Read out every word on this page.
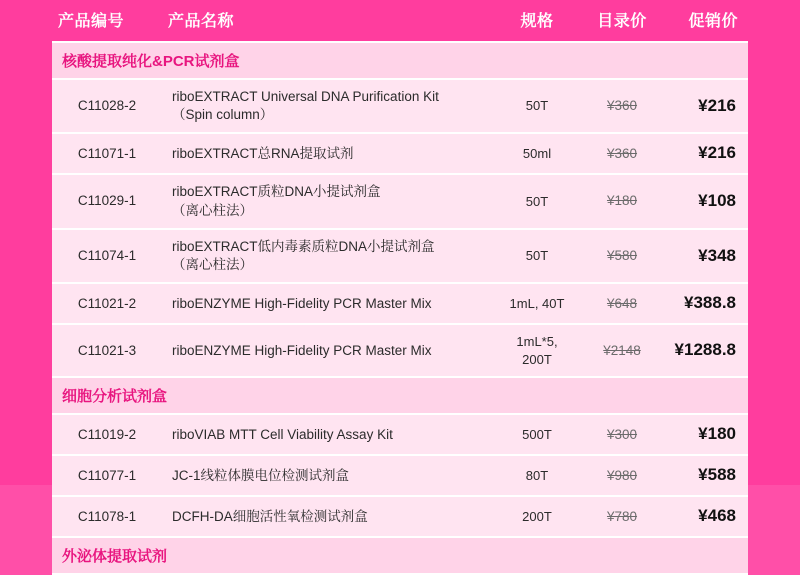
产品编号	产品名称	规格	目录价	促销价
核酸提取纯化&PCR试剂盒				
C11028-2	riboEXTRACT Universal DNA Purification Kit
（Spin column）	50T	¥360	¥216
C11071-1	riboEXTRACT总RNA提取试剂	50ml	¥360	¥216
C11029-1	riboEXTRACT质粒DNA小提试剂盒
（离心柱法）	50T	¥180	¥108
C11074-1	riboEXTRACT低内毒素质粒DNA小提试剂盒
（离心柱法）	50T	¥580	¥348
C11021-2	riboENZYME High-Fidelity PCR Master Mix	1mL, 40T	¥648	¥388.8
C11021-3	riboENZYME High-Fidelity PCR Master Mix	1mL*5,
200T	¥2148	¥1288.8
细胞分析试剂盒				
C11019-2	riboVIAB MTT Cell Viability Assay Kit	500T	¥300	¥180
C11077-1	JC-1线粒体膜电位检测试剂盒	80T	¥980	¥588
C11078-1	DCFH-DA细胞活性氧检测试剂盒	200T	¥780	¥468
外泌体提取试剂				
